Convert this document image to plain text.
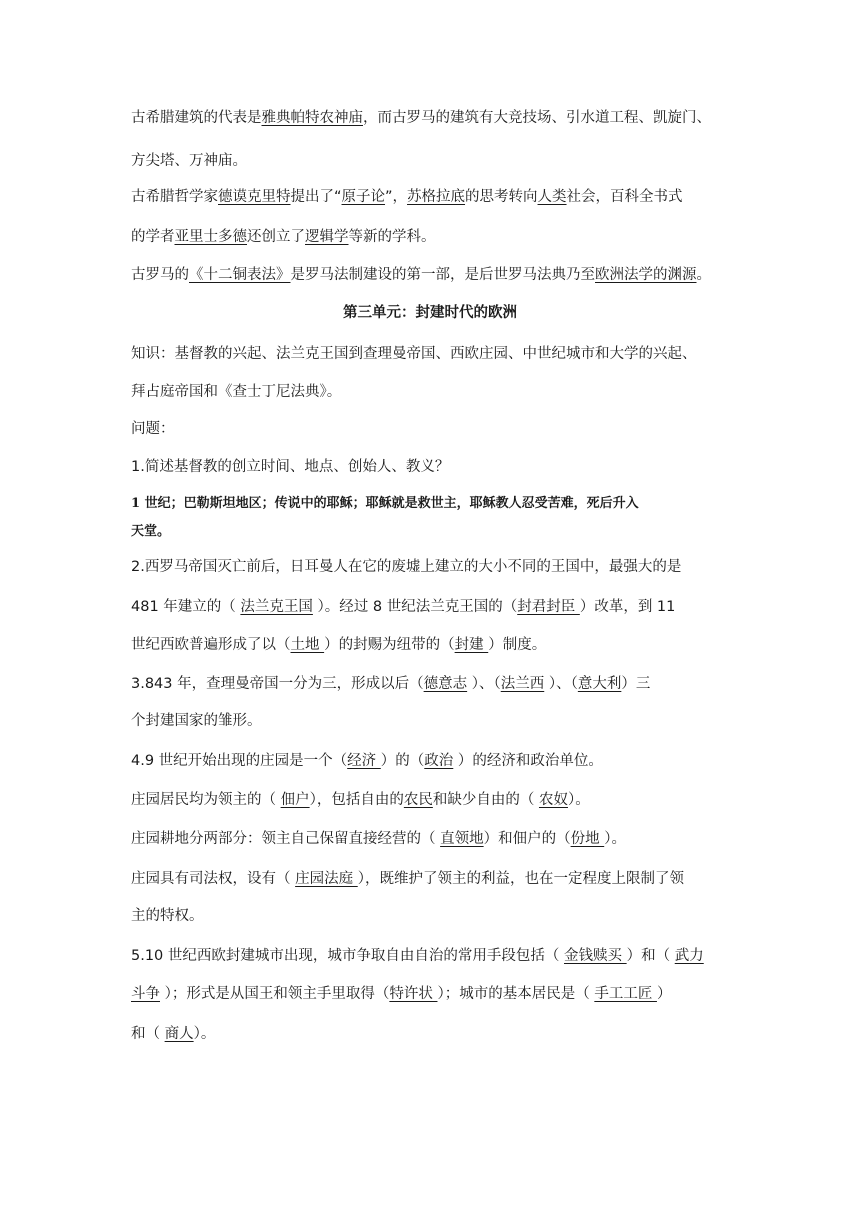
古希腊建筑的代表是雅典帕特农神庙，而古罗马的建筑有大竞技场、引水道工程、凯旋门、
方尖塔、万神庙。
古希腊哲学家德谟克里特提出了“原子论”，苏格拉底的思考转向人类社会，百科全书式
的学者亚里士多德还创立了逻辑学等新的学科。
古罗马的《十二铜表法》是罗马法制建设的第一部，是后世罗马法典乃至欧洲法学的渊源。
第三单元：封建时代的欧洲
知识：基督教的兴起、法兰克王国到查理曼帝国、西欧庄园、中世纪城市和大学的兴起、
拜占庭帝国和《查士丁尼法典》。
问题：
1.简述基督教的创立时间、地点、创始人、教义？
1 世纪；巴勒斯坦地区；传说中的耶稣；耶稣就是救世主，耶稣教人忍受苦难，死后升入
天堂。
2.西罗马帝国灭亡前后，日耳曼人在它的废墟上建立的大小不同的王国中，最强大的是
481 年建立的（ 法兰克王国 ）。经过 8 世纪法兰克王国的（封君封臣 ）改革，到 11
世纪西欧普遍形成了以（土地 ）的封赐为纽带的（封建 ）制度。
3.843 年，查理曼帝国一分为三，形成以后（德意志 ）、（法兰西 ）、（意大利）三
个封建国家的雏形。
4.9 世纪开始出现的庄园是一个（经济 ）的（政治 ）的经济和政治单位。
庄园居民均为领主的（ 佃户），包括自由的农民和缺少自由的（ 农奴）。
庄园耕地分两部分：领主自己保留直接经营的（ 直领地）和佃户的（份地 ）。
庄园具有司法权，设有（ 庄园法庭 ），既维护了领主的利益，也在一定程度上限制了领
主的特权。
5.10 世纪西欧封建城市出现，城市争取自由自治的常用手段包括（ 金钱赎买 ）和（ 武力
斗争 ）；形式是从国王和领主手里取得（特许状 ）；城市的基本居民是（ 手工工匠 ）
和（ 商人）。
